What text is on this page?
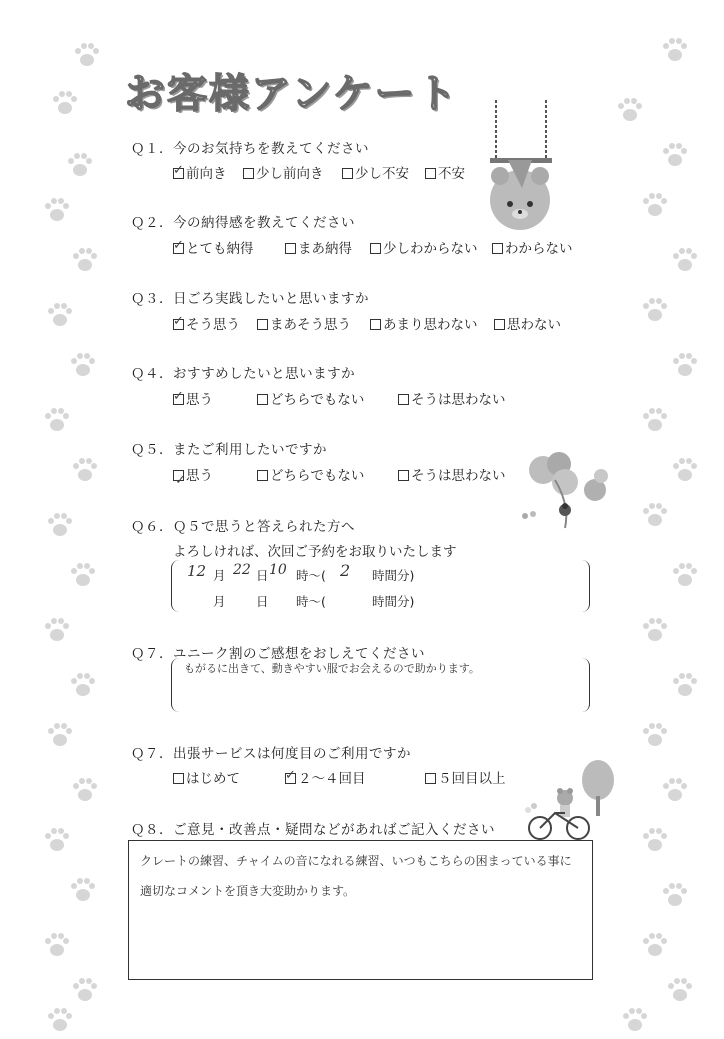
お客様アンケート
Ｑ１．今のお気持ちを教えてください
✓ 前向き	少し前向き	少し不安	不安
Ｑ２．今の納得感を教えてください
✓ とても納得	まあ納得	少しわからない	わからない
Ｑ３．日ごろ実践したいと思いますか
✓ そう思う	まあそう思う	あまり思わない	思わない
Ｑ４．おすすめしたいと思いますか
✓ 思う	どちらでもない	そうは思わない
Ｑ５．またご利用したいですか
✓ 思う	どちらでもない	そうは思わない
Ｑ６．Ｑ５で思うと答えられた方へ
よろしければ、次回ご予約をお取りいたします
12 月 22 日 10 時〜( 2 時間分)
月 日 時〜(	時間分)
Ｑ７．ユニーク割のご感想をおしえてください
もがるに出きて、動きやすい服でお会えるので助かります。
Ｑ７．出張サービスは何度目のご利用ですか
はじめて	✓ ２〜４回目	５回目以上
Ｑ８．ご意見・改善点・疑問などがあればご記入ください
クレートの練習、チャイムの音になれる練習、いつもこちらの困まっている事に
適切なコメントを頂き大変助かります。
